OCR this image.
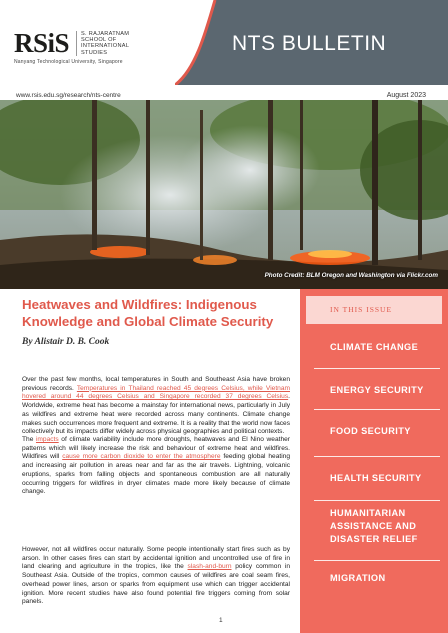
RSiS S. RAJARATNAM
SCHOOL OF
INTERNATIONAL
STUDIES
Nanyang Technological University, Singapore
NTS BULLETIN
www.rsis.edu.sg/research/nts-centre	August 2023
Photo Credit: BLM Oregon and Washington via Flickr.com
Heatwaves and Wildfires: Indigenous Knowledge and Global Climate Security
By Alistair D. B. Cook
Over the past few months, local temperatures in South and Southeast Asia have broken previous records. Temperatures in Thailand reached 45 degrees Celsius, while Vietnam hovered around 44 degrees Celsius and Singapore recorded 37 degrees Celsius. Worldwide, extreme heat has become a mainstay for international news, particularly in July as wildfires and extreme heat were recorded across many continents. Climate change makes such occurrences more frequent and extreme. It is a reality that the world now faces collectively but its impacts differ widely across physical geographies and political contexts.
The impacts of climate variability include more droughts, heatwaves and El Nino weather patterns which will likely increase the risk and behaviour of extreme heat and wildfires. Wildfires will cause more carbon dioxide to enter the atmosphere feeding global heating and increasing air pollution in areas near and far as the air travels. Lightning, volcanic eruptions, sparks from falling objects and spontaneous combustion are all naturally occurring triggers for wildfires in dryer climates made more likely because of climate change.
However, not all wildfires occur naturally. Some people intentionally start fires such as by arson. In other cases fires can start by accidental ignition and uncontrolled use of fire in land clearing and agriculture in the tropics, like the slash-and-burn policy common in Southeast Asia. Outside of the tropics, common causes of wildfires are coal seam fires, overhead power lines, arson or sparks from equipment use which can trigger accidental ignition. More recent studies have also found potential fire triggers coming from solar panels.
1
IN THIS ISSUE
CLIMATE CHANGE
ENERGY SECURITY
FOOD SECURITY
HEALTH SECURITY
HUMANITARIAN ASSISTANCE AND DISASTER RELIEF
MIGRATION
